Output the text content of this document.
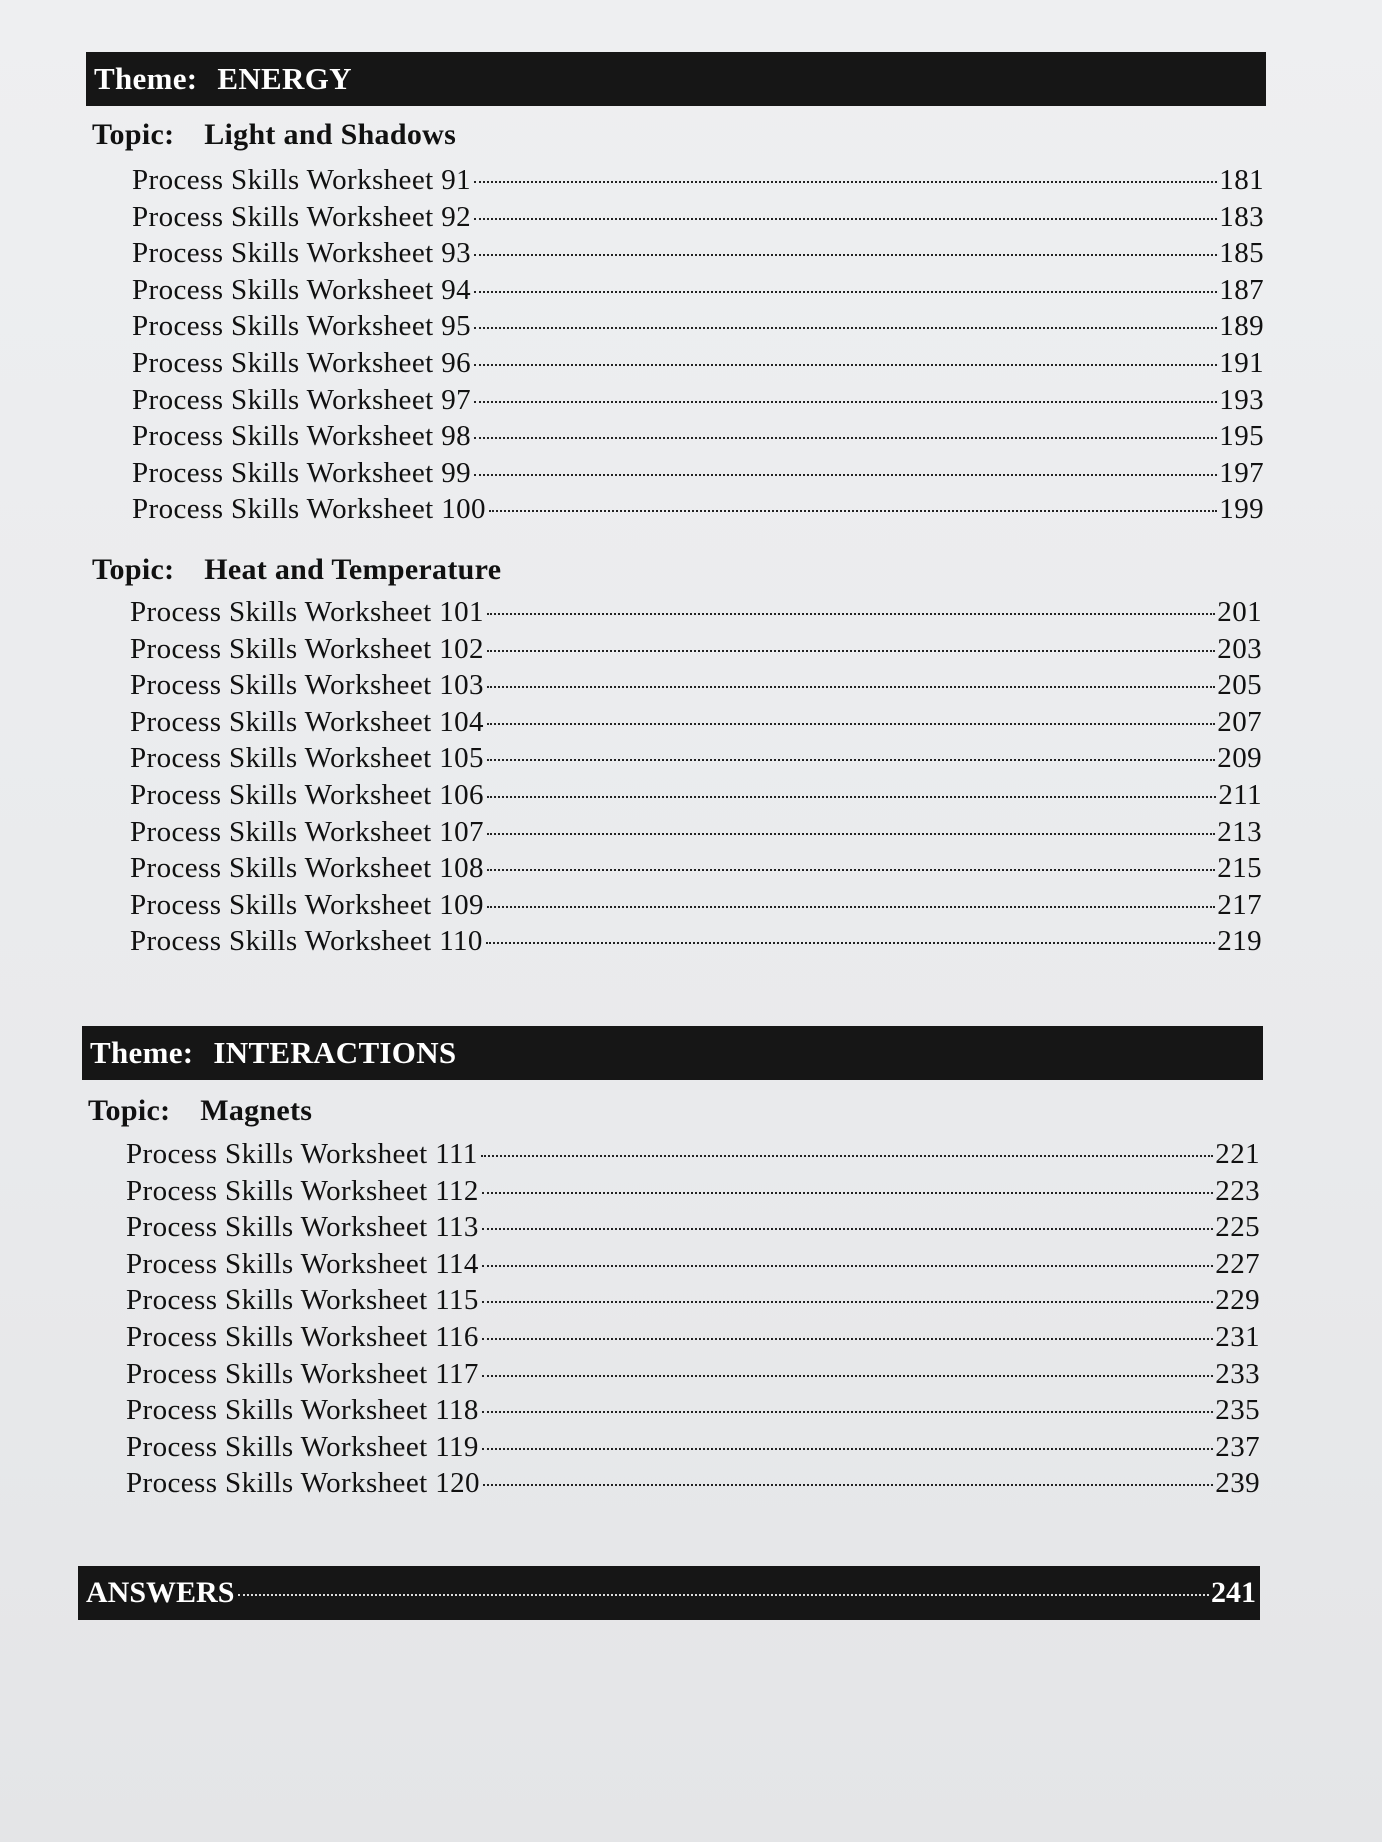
Theme: ENERGY
Topic: Light and Shadows
Process Skills Worksheet 91	181
Process Skills Worksheet 92	183
Process Skills Worksheet 93	185
Process Skills Worksheet 94	187
Process Skills Worksheet 95	189
Process Skills Worksheet 96	191
Process Skills Worksheet 97	193
Process Skills Worksheet 98	195
Process Skills Worksheet 99	197
Process Skills Worksheet 100	199
Topic: Heat and Temperature
Process Skills Worksheet 101	201
Process Skills Worksheet 102	203
Process Skills Worksheet 103	205
Process Skills Worksheet 104	207
Process Skills Worksheet 105	209
Process Skills Worksheet 106	211
Process Skills Worksheet 107	213
Process Skills Worksheet 108	215
Process Skills Worksheet 109	217
Process Skills Worksheet 110	219
Theme: INTERACTIONS
Topic: Magnets
Process Skills Worksheet 111	221
Process Skills Worksheet 112	223
Process Skills Worksheet 113	225
Process Skills Worksheet 114	227
Process Skills Worksheet 115	229
Process Skills Worksheet 116	231
Process Skills Worksheet 117	233
Process Skills Worksheet 118	235
Process Skills Worksheet 119	237
Process Skills Worksheet 120	239
ANSWERS	241
